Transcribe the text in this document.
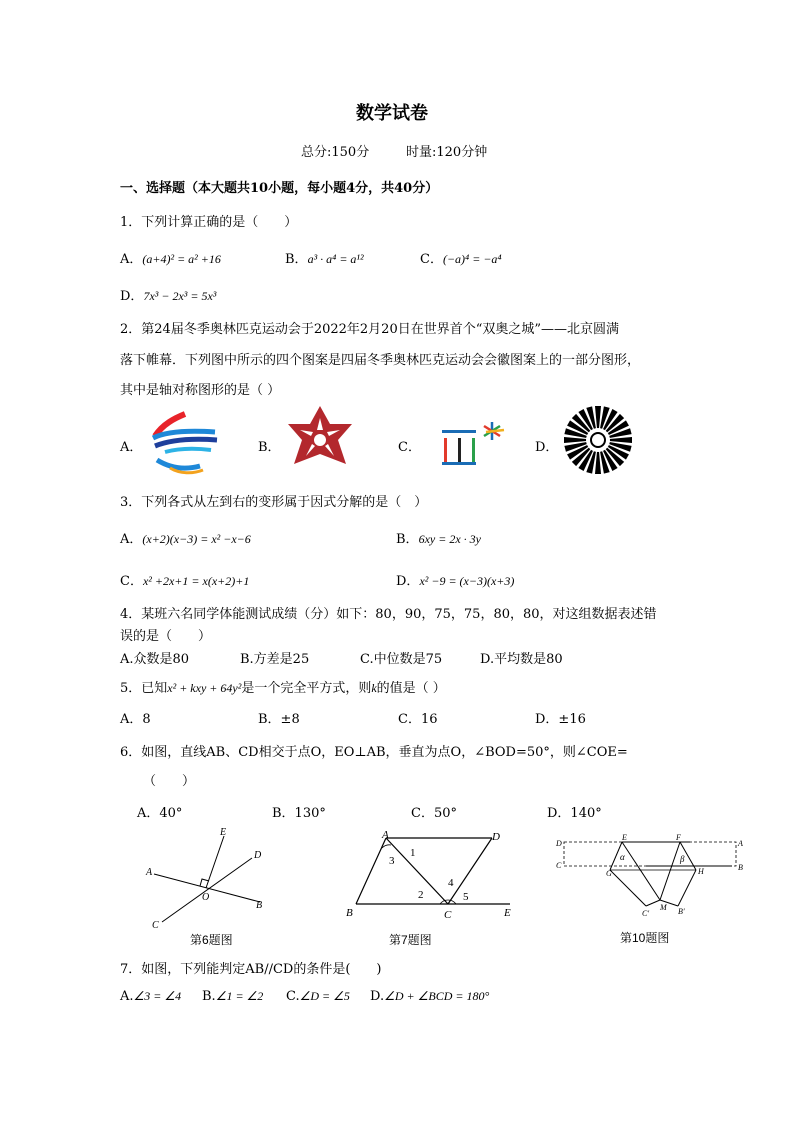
数学试卷
总分:150分	时量:120分钟
一、选择题（本大题共10小题，每小题4分，共40分）
1．下列计算正确的是（　　）
A．(a+4)² = a² +16	B．a³ · a⁴ = a¹²	C．(−a)⁴ = −a⁴
D．7x³ − 2x³ = 5x³
2．第24届冬季奥林匹克运动会于2022年2月20日在世界首个“双奥之城”——北京圆满
落下帷幕．下列图中所示的四个图案是四届冬季奥林匹克运动会会徽图案上的一部分图形，
其中是轴对称图形的是（ ）
A．	B．	C．	D．
3．下列各式从左到右的变形属于因式分解的是（　）
A．(x+2)(x−3) = x² −x−6	B．6xy = 2x · 3y
C．x² +2x+1 = x(x+2)+1	D．x² −9 = (x−3)(x+3)
4．某班六名同学体能测试成绩（分）如下：80，90，75，75，80，80，对这组数据表述错
误的是（　　）
A.众数是80	B.方差是25	C.中位数是75	D.平均数是80
5．已知x² + kxy + 64y²是一个完全平方式，则k的值是（ ）
A．8	B．±8	C．16	D．±16
6．如图，直线AB、CD相交于点O，EO⊥AB，垂直为点O，∠BOD=50°，则∠COE=
（　　）
A．40°	B．130°	C．50°	D．140°
E
D
A
O
B
C
第6题图
A	D
B	C	E
1
2
3
4
5
第7题图
D
E	F
A
C
G	H	B
M
C′	B′
α	β
第10题图
7．如图，下列能判定AB//CD的条件是(　　)
A.∠3 = ∠4 B.∠1 = ∠2 C.∠D = ∠5 D.∠D + ∠BCD = 180°
